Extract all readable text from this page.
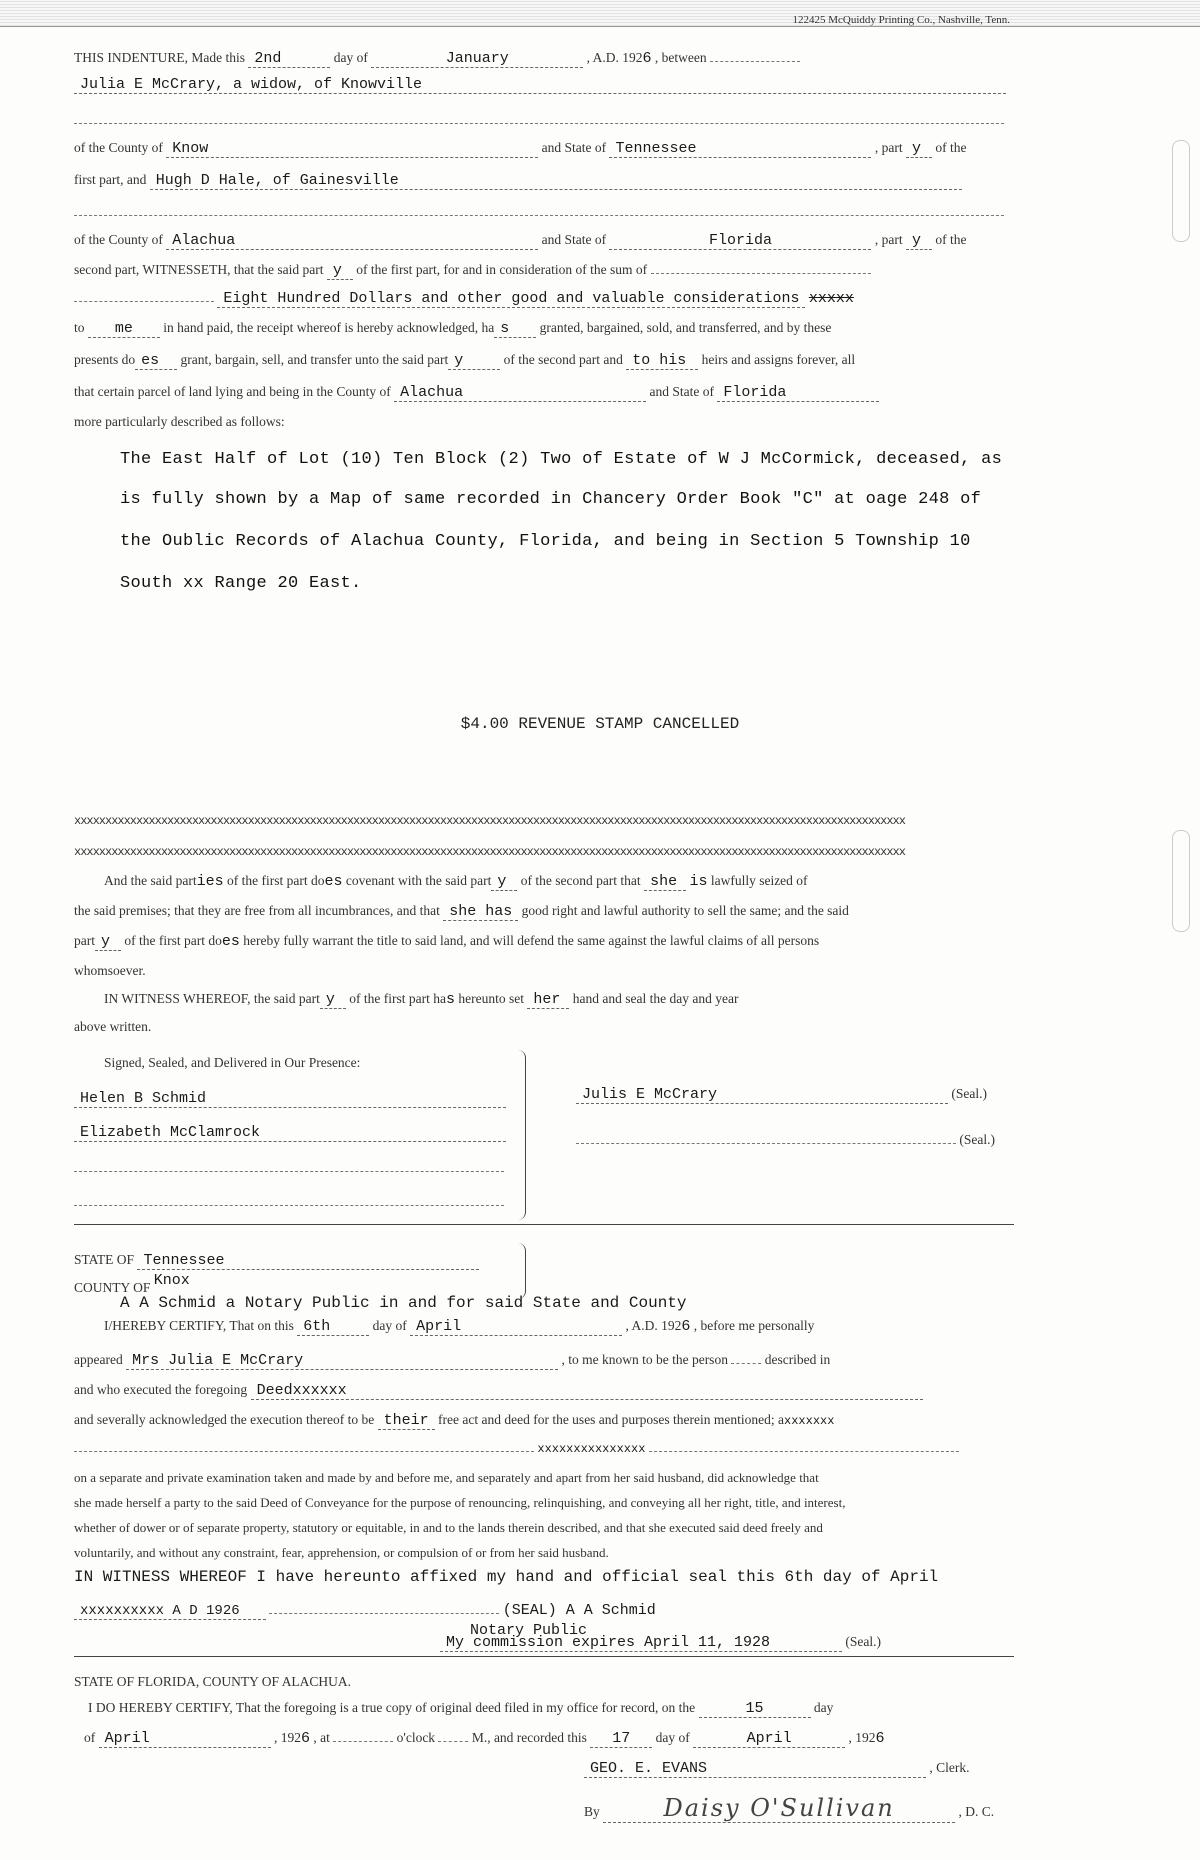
122425 McQuiddy Printing Co., Nashville, Tenn.
THIS INDENTURE, Made this 2nd	day of	January	, A.D. 1926 , between
Julia E McCrary, a widow, of Knowville
of the County of Know	and State of Tennessee	, part y of the
first part, and Hugh D Hale, of Gainesville
of the County of Alachua	and State of	Florida	, part y of the
second part, WITNESSETH, that the said part y of the first part, for and in consideration of the sum of
Eight Hundred Dollars and other good and valuable considerations xxxxx
to me in hand paid, the receipt whereof is hereby acknowledged, ha s granted, bargained, sold, and transferred, and by these
presents do es grant, bargain, sell, and transfer unto the said part y	of the second part and to his heirs and assigns forever, all
that certain parcel of land lying and being in the County of Alachua	and State of Florida
more particularly described as follows:
The East Half of Lot (10) Ten Block (2) Two of Estate of W J McCormick, deceased, as
is fully shown by a Map of same recorded in Chancery Order Book "C" at oage 248 of
the Oublic Records of Alachua County, Florida, and being in Section 5 Township 10
South xx Range 20 East.
$4.00 REVENUE STAMP CANCELLED
xxxxxxxxxxxxxxxxxxxxxxxxxxxxxxxxxxxxxxxxxxxxxxxxxxxxxxxxxxxxxxxxxxxxxxxxxxxxxxxxxxxxxxxxxxxxxxxxxxxxxxxxxxxxxxxxxxxxxxxxxxxxxxxxxxxxxx
xxxxxxxxxxxxxxxxxxxxxxxxxxxxxxxxxxxxxxxxxxxxxxxxxxxxxxxxxxxxxxxxxxxxxxxxxxxxxxxxxxxxxxxxxxxxxxxxxxxxxxxxxxxxxxxxxxxxxxxxxxxxxxxxxxxxxx
And the said parties of the first part does covenant with the said part y of the second part that she is lawfully seized of
the said premises; that they are free from all incumbrances, and that she has good right and lawful authority to sell the same; and the said
part y of the first part does hereby fully warrant the title to said land, and will defend the same against the lawful claims of all persons
whomsoever.
IN WITNESS WHEREOF, the said part y of the first part has hereunto set her hand and seal the day and year
above written.
Signed, Sealed, and Delivered in Our Presence:
Helen B Schmid
Elizabeth McClamrock
Julis E McCrary	(Seal.)
(Seal.)
STATE OF Tennessee
COUNTY OF Knox
A A Schmid a Notary Public in and for said State and County
I/HEREBY CERTIFY, That on this 6th	day of April	, A.D. 1926 , before me personally
appeared Mrs Julia E McCrary	, to me known to be the person	described in
and who executed the foregoing Deedxxxxxx
and severally acknowledged the execution thereof to be their free act and deed for the uses and purposes therein mentioned; axxxxxxx
xxxxxxxxxxxxxxx
on a separate and private examination taken and made by and before me, and separately and apart from her said husband, did acknowledge that
she made herself a party to the said Deed of Conveyance for the purpose of renouncing, relinquishing, and conveying all her right, title, and interest,
whether of dower or of separate property, statutory or equitable, in and to the lands therein described, and that she executed said deed freely and
voluntarily, and without any constraint, fear, apprehension, or compulsion of or from her said husband.
IN WITNESS WHEREOF I have hereunto affixed my hand and official seal this 6th day of April
xxxxxxxxxx A D 1926	(SEAL) A A Schmid
Notary Public
My commission expires April 11, 1928	(Seal.)
STATE OF FLORIDA, COUNTY OF ALACHUA.
I DO HEREBY CERTIFY, That the foregoing is a true copy of original deed filed in my office for record, on the	15	day
of April	, 1926 , at	o'clock	M., and recorded this 17 day of	April	, 1926
GEO. E. EVANS	, Clerk.
By	Daisy O'Sullivan	, D. C.
